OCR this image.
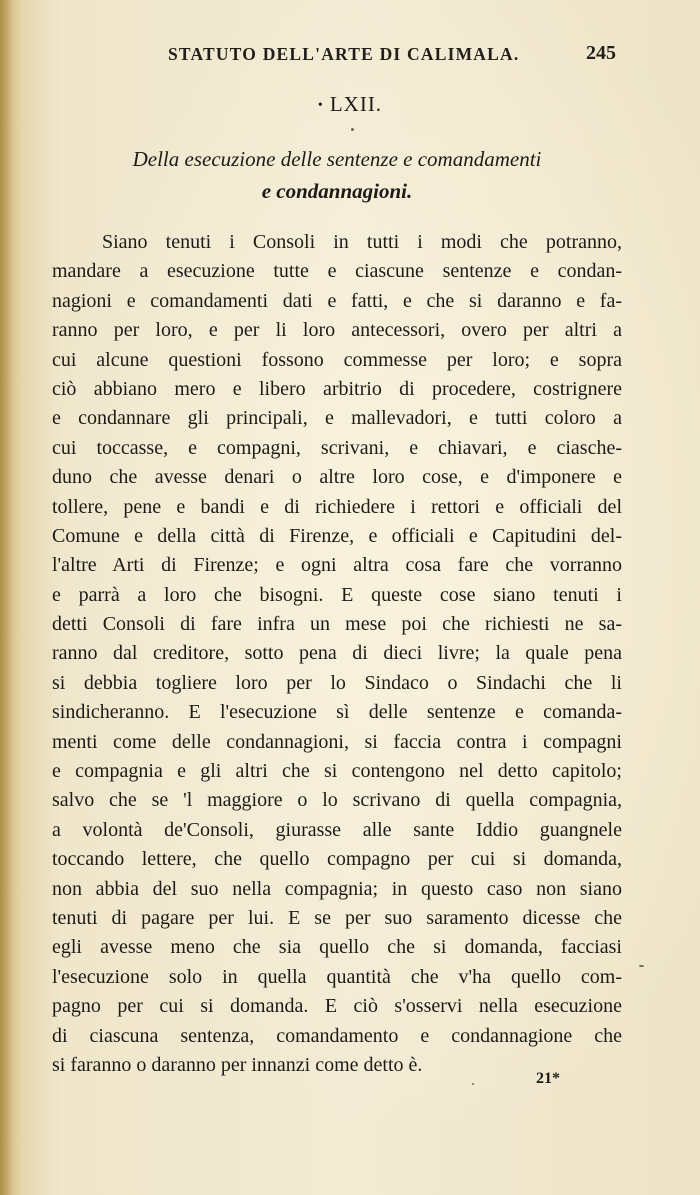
STATUTO DELL'ARTE DI CALIMALA.	245
• LXII.
Della esecuzione delle sentenze e comandamenti
e condannagioni.
Siano tenuti i Consoli in tutti i modi che potranno,
mandare a esecuzione tutte e ciascune sentenze e condan-
nagioni e comandamenti dati e fatti, e che si daranno e fa-
ranno per loro, e per li loro antecessori, overo per altri a
cui alcune questioni fossono commesse per loro; e sopra
ciò abbiano mero e libero arbitrio di procedere, costrignere
e condannare gli principali, e mallevadori, e tutti coloro a
cui toccasse, e compagni, scrivani, e chiavari, e ciasche-
duno che avesse denari o altre loro cose, e d'imponere e
tollere, pene e bandi e di richiedere i rettori e officiali del
Comune e della città di Firenze, e officiali e Capitudini del-
l'altre Arti di Firenze; e ogni altra cosa fare che vorranno
e parrà a loro che bisogni. E queste cose siano tenuti i
detti Consoli di fare infra un mese poi che richiesti ne sa-
ranno dal creditore, sotto pena di dieci livre; la quale pena
si debbia togliere loro per lo Sindaco o Sindachi che li
sindicheranno. E l'esecuzione sì delle sentenze e comanda-
menti come delle condannagioni, si faccia contra i compagni
e compagnia e gli altri che si contengono nel detto capitolo;
salvo che se 'l maggiore o lo scrivano di quella compagnia,
a volontà de'Consoli, giurasse alle sante Iddio guangnele
toccando lettere, che quello compagno per cui si domanda,
non abbia del suo nella compagnia; in questo caso non siano
tenuti di pagare per lui. E se per suo saramento dicesse che
egli avesse meno che sia quello che si domanda, facciasi
l'esecuzione solo in quella quantità che v'ha quello com-
pagno per cui si domanda. E ciò s'osservi nella esecuzione
di ciascuna sentenza, comandamento e condannagione che
si faranno o daranno per innanzi come detto è.
21*
